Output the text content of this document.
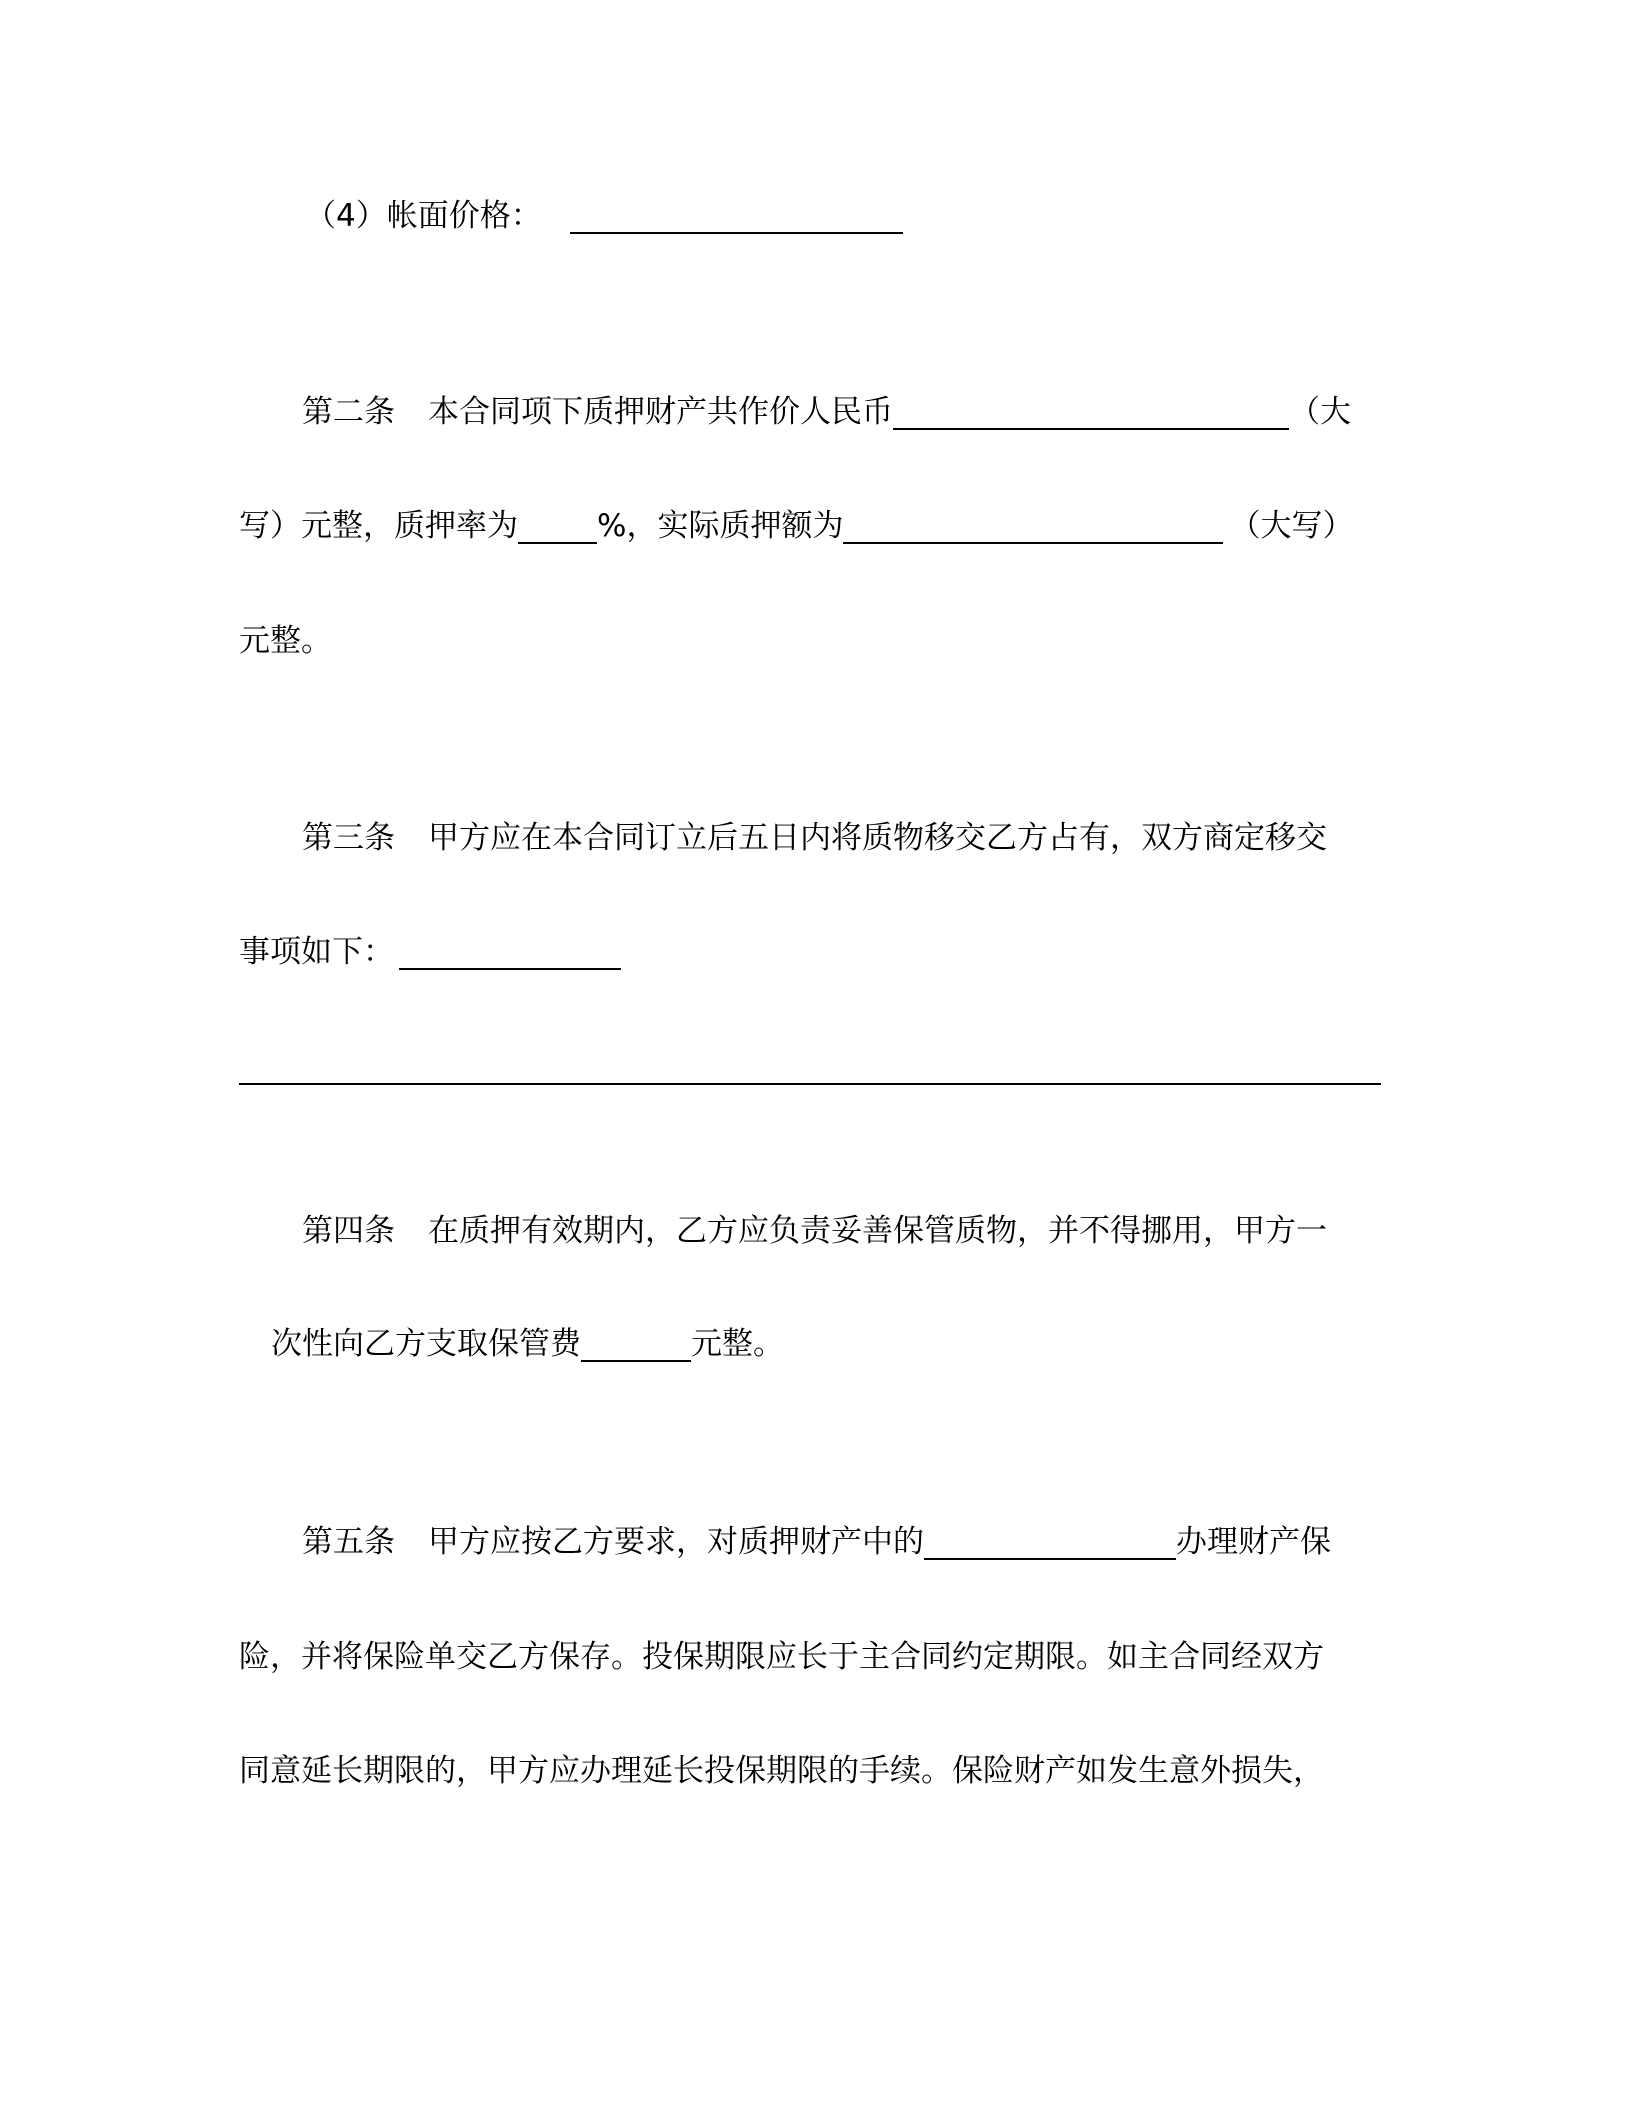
（4）帐面价格：
第二条 本合同项下质押财产共作价人民币	（大
写）元整，质押率为	%，实际质押额为	（大写）
元整。
第三条 甲方应在本合同订立后五日内将质物移交乙方占有，双方商定移交
事项如下：
第四条 在质押有效期内，乙方应负责妥善保管质物，并不得挪用，甲方一
次性向乙方支取保管费	元整。
第五条 甲方应按乙方要求，对质押财产中的	办理财产保
险，并将保险单交乙方保存。投保期限应长于主合同约定期限。如主合同经双方
同意延长期限的，甲方应办理延长投保期限的手续。保险财产如发生意外损失，
